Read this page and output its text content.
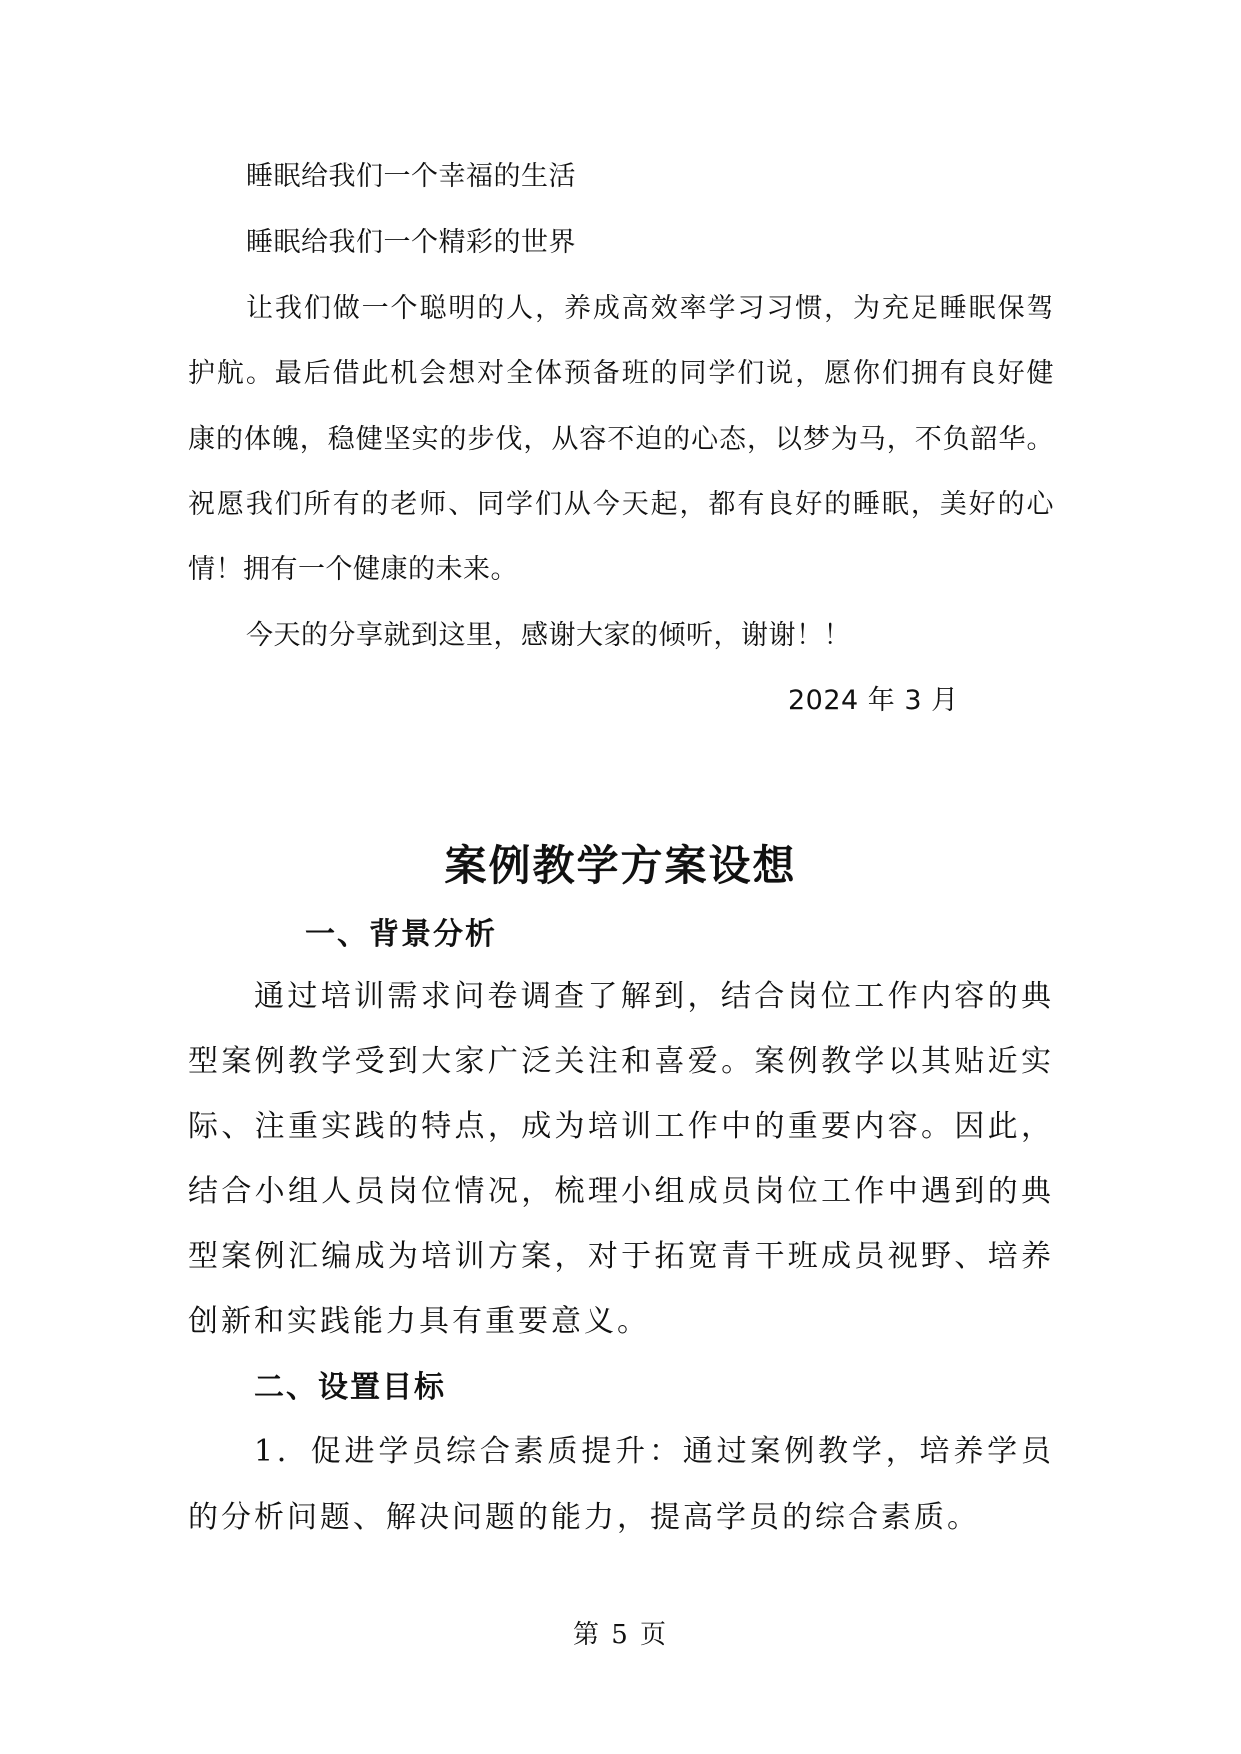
睡眠给我们一个幸福的生活
睡眠给我们一个精彩的世界
让我们做一个聪明的人，养成高效率学习习惯，为充足睡眠保驾
护航。最后借此机会想对全体预备班的同学们说，愿你们拥有良好健
康的体魄，稳健坚实的步伐，从容不迫的心态，以梦为马，不负韶华。
祝愿我们所有的老师、同学们从今天起，都有良好的睡眠，美好的心
情！拥有一个健康的未来。
今天的分享就到这里，感谢大家的倾听，谢谢！！
2024 年 3 月
案例教学方案设想
一、背景分析
通过培训需求问卷调查了解到，结合岗位工作内容的典
型案例教学受到大家广泛关注和喜爱。案例教学以其贴近实
际、注重实践的特点，成为培训工作中的重要内容。因此，
结合小组人员岗位情况，梳理小组成员岗位工作中遇到的典
型案例汇编成为培训方案，对于拓宽青干班成员视野、培养
创新和实践能力具有重要意义。
二、设置目标
1．促进学员综合素质提升：通过案例教学，培养学员
的分析问题、解决问题的能力，提高学员的综合素质。
第 5 页
